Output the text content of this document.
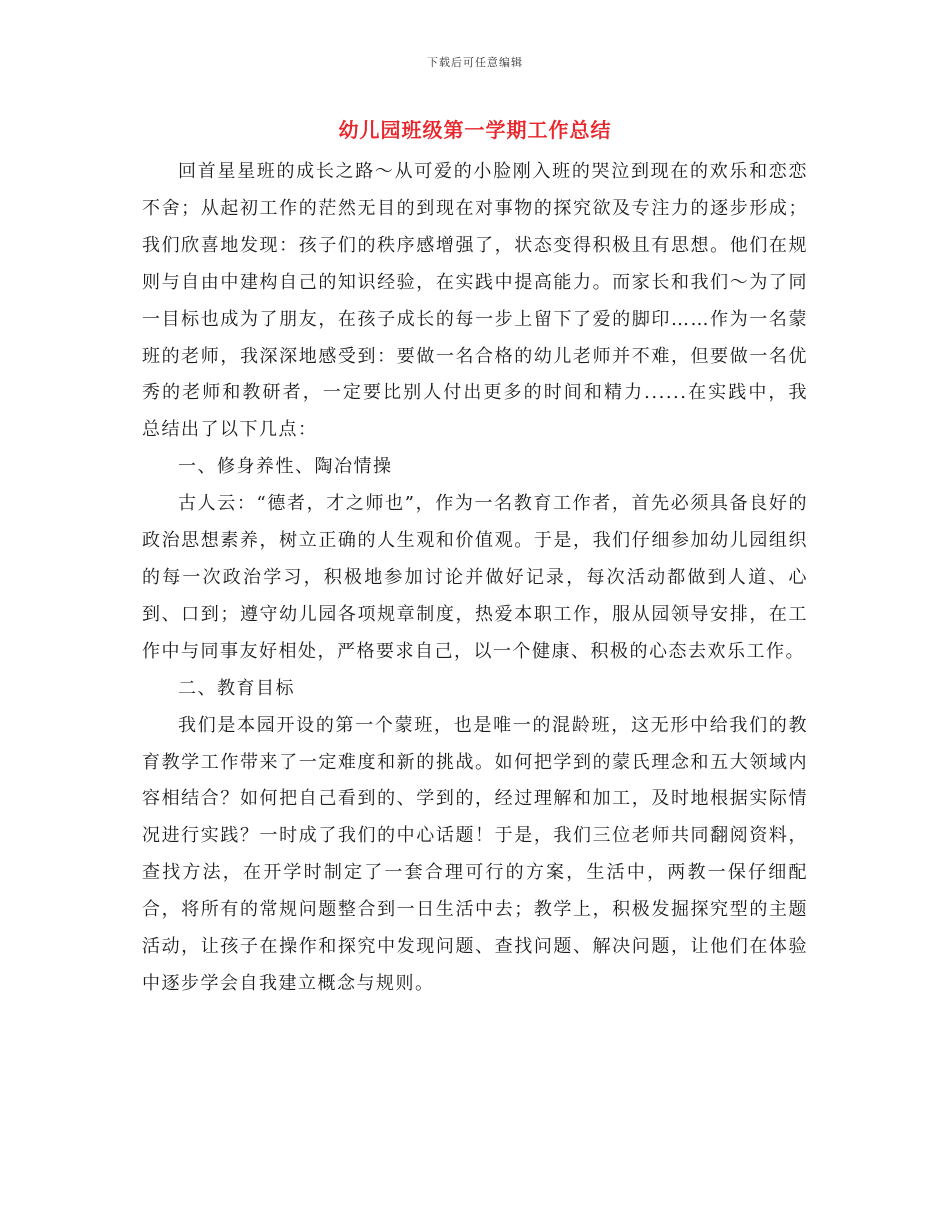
下载后可任意编辑
幼儿园班级第一学期工作总结

回首星星班的成长之路～从可爱的小脸刚入班的哭泣到现在的欢乐和恋恋不舍；从起初工作的茫然无目的到现在对事物的探究欲及专注力的逐步形成；我们欣喜地发现：孩子们的秩序感增强了，状态变得积极且有思想。他们在规则与自由中建构自己的知识经验，在实践中提高能力。而家长和我们～为了同一目标也成为了朋友，在孩子成长的每一步上留下了爱的脚印……作为一名蒙班的老师，我深深地感受到：要做一名合格的幼儿老师并不难，但要做一名优秀的老师和教研者，一定要比别人付出更多的时间和精力......在实践中，我总结出了以下几点：

一、修身养性、陶冶情操

古人云：“德者，才之师也”，作为一名教育工作者，首先必须具备良好的政治思想素养，树立正确的人生观和价值观。于是，我们仔细参加幼儿园组织的每一次政治学习，积极地参加讨论并做好记录，每次活动都做到人道、心到、口到；遵守幼儿园各项规章制度，热爱本职工作，服从园领导安排，在工作中与同事友好相处，严格要求自己，以一个健康、积极的心态去欢乐工作。

二、教育目标

我们是本园开设的第一个蒙班，也是唯一的混龄班，这无形中给我们的教育教学工作带来了一定难度和新的挑战。如何把学到的蒙氏理念和五大领域内容相结合？如何把自己看到的、学到的，经过理解和加工，及时地根据实际情况进行实践？一时成了我们的中心话题！于是，我们三位老师共同翻阅资料，查找方法，在开学时制定了一套合理可行的方案，生活中，两教一保仔细配合，将所有的常规问题整合到一日生活中去；教学上，积极发掘探究型的主题活动，让孩子在操作和探究中发现问题、查找问题、解决问题，让他们在体验中逐步学会自我建立概念与规则。
